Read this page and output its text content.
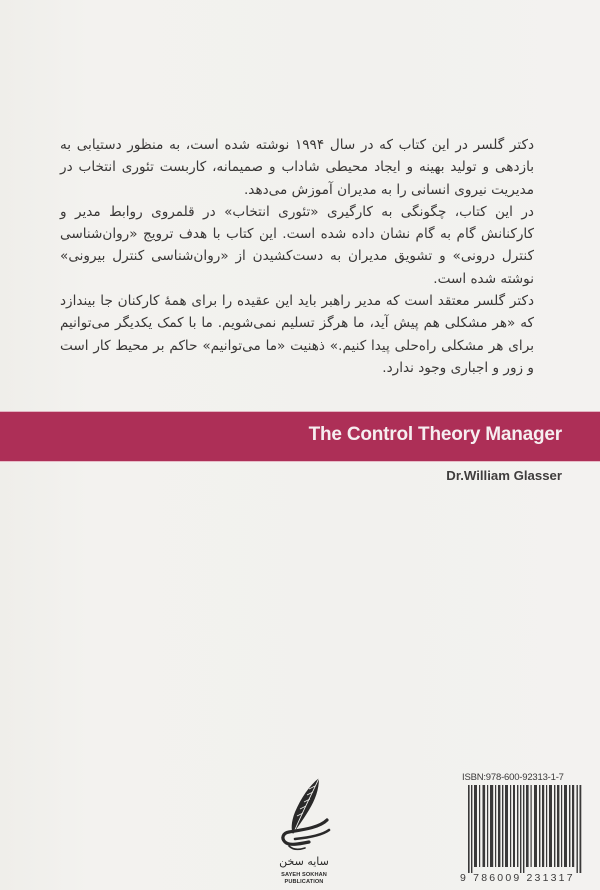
دکتر گلسر در این کتاب که در سال ۱۹۹۴ نوشته شده است، به منظور دستیابی به بازدهی و تولید بهینه و ایجاد محیطی شاداب و صمیمانه، کاربست تئوری انتخاب در مدیریت نیروی انسانی را به مدیران آموزش می‌دهد.

در این کتاب، چگونگی به کارگیری «تئوری انتخاب» در قلمروی روابط مدیر و کارکنانش گام به گام نشان داده شده است. این کتاب با هدف ترویج «روان‌شناسی کنترل درونی» و تشویق مدیران به دست‌کشیدن از «روان‌شناسی کنترل بیرونی» نوشته شده است.

دکتر گلسر معتقد است که مدیر راهبر باید این عقیده را برای همهٔ کارکنان جا بیندازد که «هر مشکلی هم پیش آید، ما هرگز تسلیم نمی‌شویم. ما با کمک یکدیگر می‌توانیم برای هر مشکلی راه‌حلی پیدا کنیم.» ذهنیت «ما می‌توانیم» حاکم بر محیط کار است و زور و اجباری وجود ندارد.

The Control Theory Manager
Dr.William Glasser
سایه سخن
SAYEH SOKHAN
PUBLICATION
ISBN:978-600-92313-1-7
9 786009 231317
